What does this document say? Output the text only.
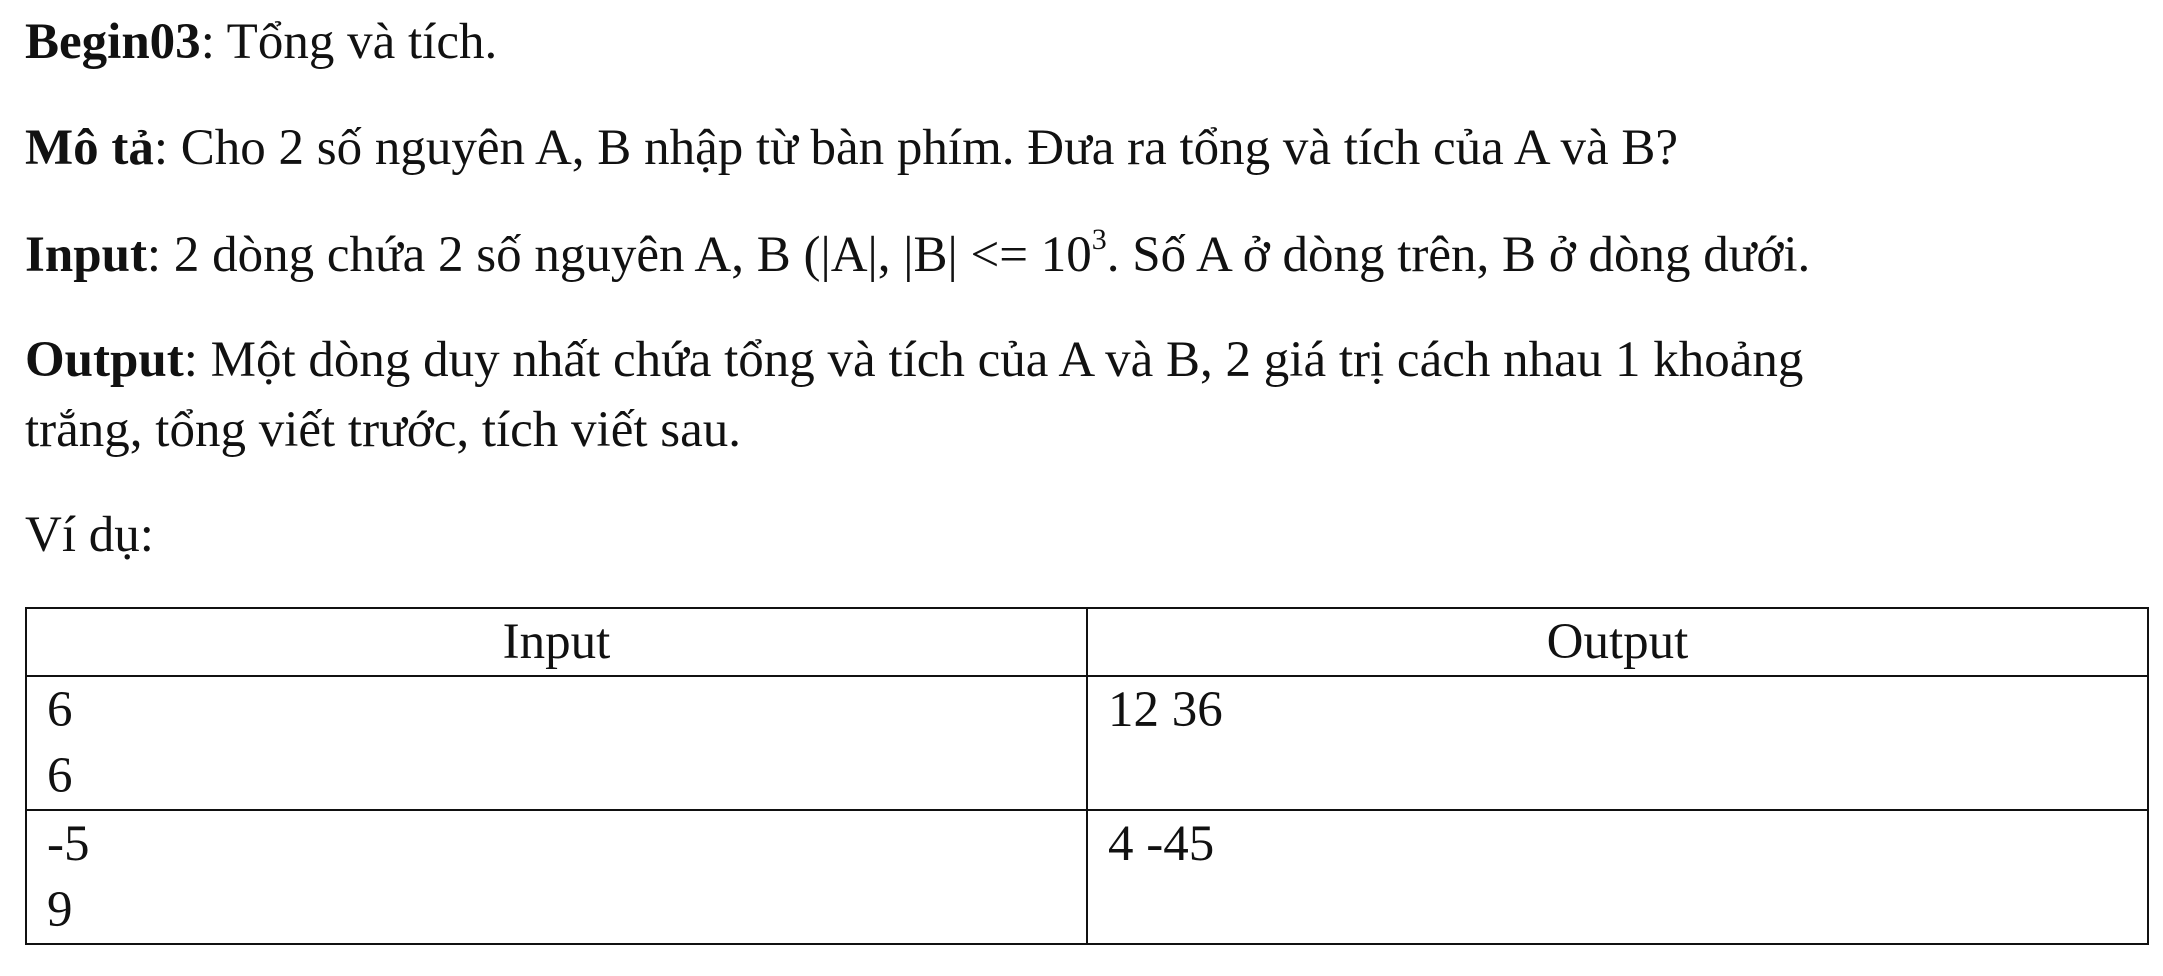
Begin03: Tổng và tích.
Mô tả: Cho 2 số nguyên A, B nhập từ bàn phím. Đưa ra tổng và tích của A và B?
Input: 2 dòng chứa 2 số nguyên A, B (|A|, $|B| <= 10^3$. Số A ở dòng trên, B ở dòng dưới.
Output: Một dòng duy nhất chứa tổng và tích của A và B, 2 giá trị cách nhau 1 khoảng
trắng, tổng viết trước, tích viết sau.
Ví dụ:
Input	Output

6
6	12 36

-5
9	4 -45
